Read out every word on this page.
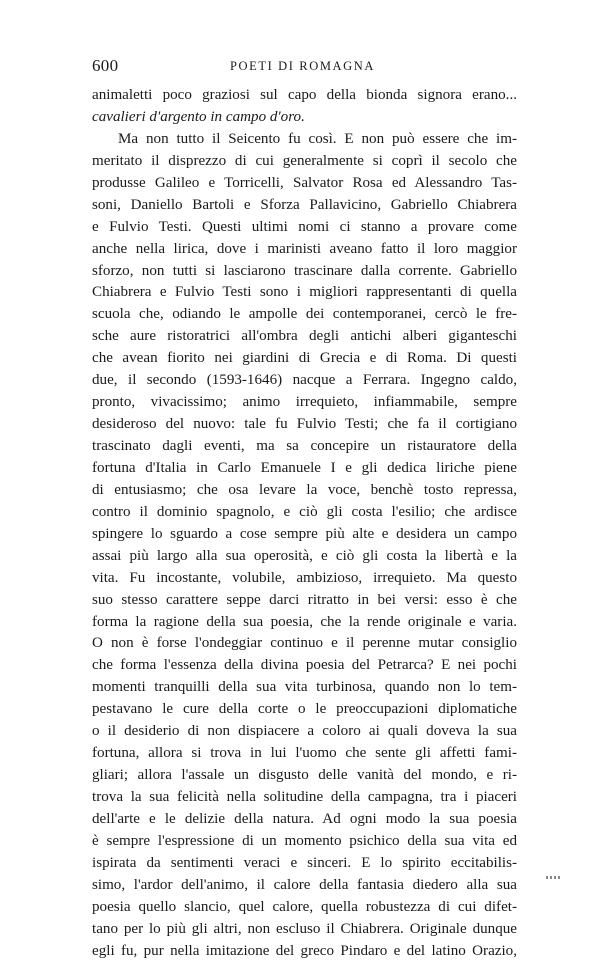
600	POETI DI ROMAGNA
animaletti poco graziosi sul capo della bionda signora erano...
cavalieri d'argento in campo d'oro.
Ma non tutto il Seicento fu così. E non può essere che im-
meritato il disprezzo di cui generalmente si coprì il secolo che
produsse Galileo e Torricelli, Salvator Rosa ed Alessandro Tas-
soni, Daniello Bartoli e Sforza Pallavicino, Gabriello Chiabrera
e Fulvio Testi. Questi ultimi nomi ci stanno a provare come
anche nella lirica, dove i marinisti aveano fatto il loro maggior
sforzo, non tutti si lasciarono trascinare dalla corrente. Gabriello
Chiabrera e Fulvio Testi sono i migliori rappresentanti di quella
scuola che, odiando le ampolle dei contemporanei, cercò le fre-
sche aure ristoratrici all'ombra degli antichi alberi giganteschi
che avean fiorito nei giardini di Grecia e di Roma. Di questi
due, il secondo (1593-1646) nacque a Ferrara. Ingegno caldo,
pronto, vivacissimo; animo irrequieto, infiammabile, sempre
desideroso del nuovo: tale fu Fulvio Testi; che fa il cortigiano
trascinato dagli eventi, ma sa concepire un ristauratore della
fortuna d'Italia in Carlo Emanuele I e gli dedica liriche piene
di entusiasmo; che osa levare la voce, benchè tosto repressa,
contro il dominio spagnolo, e ciò gli costa l'esilio; che ardisce
spingere lo sguardo a cose sempre più alte e desidera un campo
assai più largo alla sua operosità, e ciò gli costa la libertà e la
vita. Fu incostante, volubile, ambizioso, irrequieto. Ma questo
suo stesso carattere seppe darci ritratto in bei versi: esso è che
forma la ragione della sua poesia, che la rende originale e varia.
O non è forse l'ondeggiar continuo e il perenne mutar consiglio
che forma l'essenza della divina poesia del Petrarca? E nei pochi
momenti tranquilli della sua vita turbinosa, quando non lo tem-
pestavano le cure della corte o le preoccupazioni diplomatiche
o il desiderio di non dispiacere a coloro ai quali doveva la sua
fortuna, allora si trova in lui l'uomo che sente gli affetti fami-
gliari; allora l'assale un disgusto delle vanità del mondo, e ri-
trova la sua felicità nella solitudine della campagna, tra i piaceri
dell'arte e le delizie della natura. Ad ogni modo la sua poesia
è sempre l'espressione di un momento psichico della sua vita ed
ispirata da sentimenti veraci e sinceri. E lo spirito eccitabilis-
simo, l'ardor dell'animo, il calore della fantasia diedero alla sua
poesia quello slancio, quel calore, quella robustezza di cui difet-
tano per lo più gli altri, non escluso il Chiabrera. Originale dunque
egli fu, pur nella imitazione del greco Pindaro e del latino Orazio,
